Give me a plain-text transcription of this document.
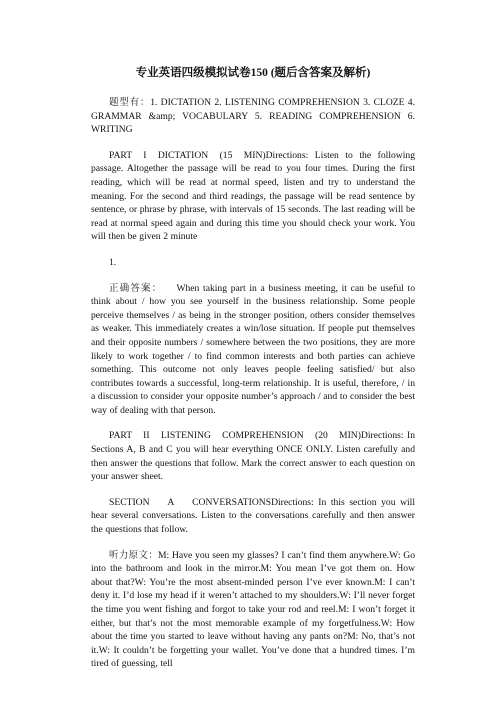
专业英语四级模拟试卷150 (题后含答案及解析)

题型有：1. DICTATION 2. LISTENING COMPREHENSION 3. CLOZE 4. GRAMMAR &amp; VOCABULARY 5. READING COMPREHENSION 6. WRITING

PART I DICTATION (15 MIN)Directions: Listen to the following passage. Altogether the passage will be read to you four times. During the first reading, which will be read at normal speed, listen and try to understand the meaning. For the second and third readings, the passage will be read sentence by sentence, or phrase by phrase, with intervals of 15 seconds. The last reading will be read at normal speed again and during this time you should check your work. You will then be given 2 minute

1.

正确答案： When taking part in a business meeting, it can be useful to think about / how you see yourself in the business relationship. Some people perceive themselves / as being in the stronger position, others consider themselves as weaker. This immediately creates a win/lose situation. If people put themselves and their opposite numbers / somewhere between the two positions, they are more likely to work together / to find common interests and both parties can achieve something. This outcome not only leaves people feeling satisfied/ but also contributes towards a successful, long-term relationship. It is useful, therefore, / in a discussion to consider your opposite number’s approach / and to consider the best way of dealing with that person.

PART II LISTENING COMPREHENSION (20 MIN)Directions: In Sections A, B and C you will hear everything ONCE ONLY. Listen carefully and then answer the questions that follow. Mark the correct answer to each question on your answer sheet.

SECTION A CONVERSATIONSDirections: In this section you will hear several conversations. Listen to the conversations carefully and then answer the questions that follow.

听力原文：M: Have you seen my glasses? I can’t find them anywhere.W: Go into the bathroom and look in the mirror.M: You mean I’ve got them on. How about that?W: You’re the most absent-minded person I’ve ever known.M: I can’t deny it. I’d lose my head if it weren’t attached to my shoulders.W: I’ll never forget the time you went fishing and forgot to take your rod and reel.M: I won’t forget it either, but that’s not the most memorable example of my forgetfulness.W: How about the time you started to leave without having any pants on?M: No, that’s not it.W: It couldn’t be forgetting your wallet. You’ve done that a hundred times. I’m tired of guessing, tell
